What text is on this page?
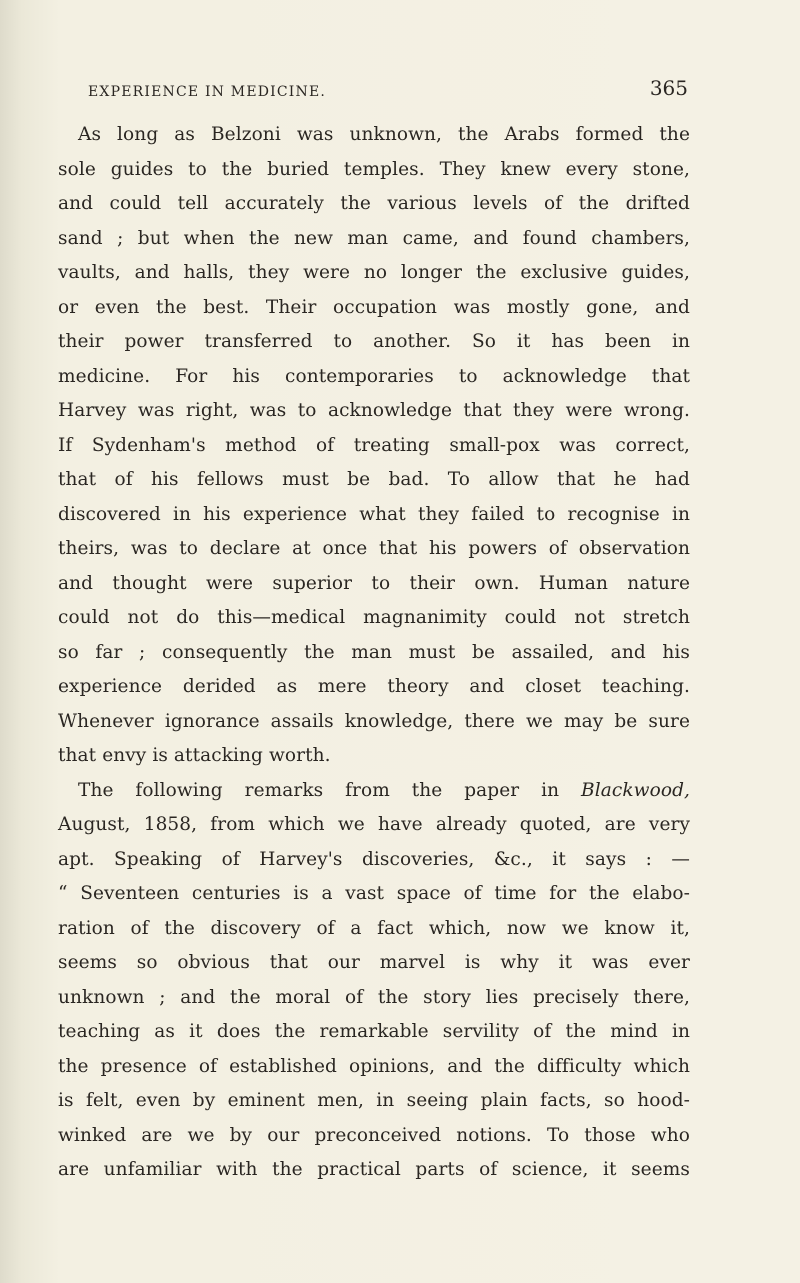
EXPERIENCE IN MEDICINE.	365
As long as Belzoni was unknown, the Arabs formed the
sole guides to the buried temples. They knew every stone,
and could tell accurately the various levels of the drifted
sand ; but when the new man came, and found chambers,
vaults, and halls, they were no longer the exclusive guides,
or even the best. Their occupation was mostly gone, and
their power transferred to another. So it has been in
medicine. For his contemporaries to acknowledge that
Harvey was right, was to acknowledge that they were wrong.
If Sydenham's method of treating small-pox was correct,
that of his fellows must be bad. To allow that he had
discovered in his experience what they failed to recognise in
theirs, was to declare at once that his powers of observation
and thought were superior to their own. Human nature
could not do this—medical magnanimity could not stretch
so far ; consequently the man must be assailed, and his
experience derided as mere theory and closet teaching.
Whenever ignorance assails knowledge, there we may be sure
that envy is attacking worth.
The following remarks from the paper in Blackwood,
August, 1858, from which we have already quoted, are very
apt. Speaking of Harvey's discoveries, &c., it says : —
“ Seventeen centuries is a vast space of time for the elabo-
ration of the discovery of a fact which, now we know it,
seems so obvious that our marvel is why it was ever
unknown ; and the moral of the story lies precisely there,
teaching as it does the remarkable servility of the mind in
the presence of established opinions, and the difficulty which
is felt, even by eminent men, in seeing plain facts, so hood-
winked are we by our preconceived notions. To those who
are unfamiliar with the practical parts of science, it seems
